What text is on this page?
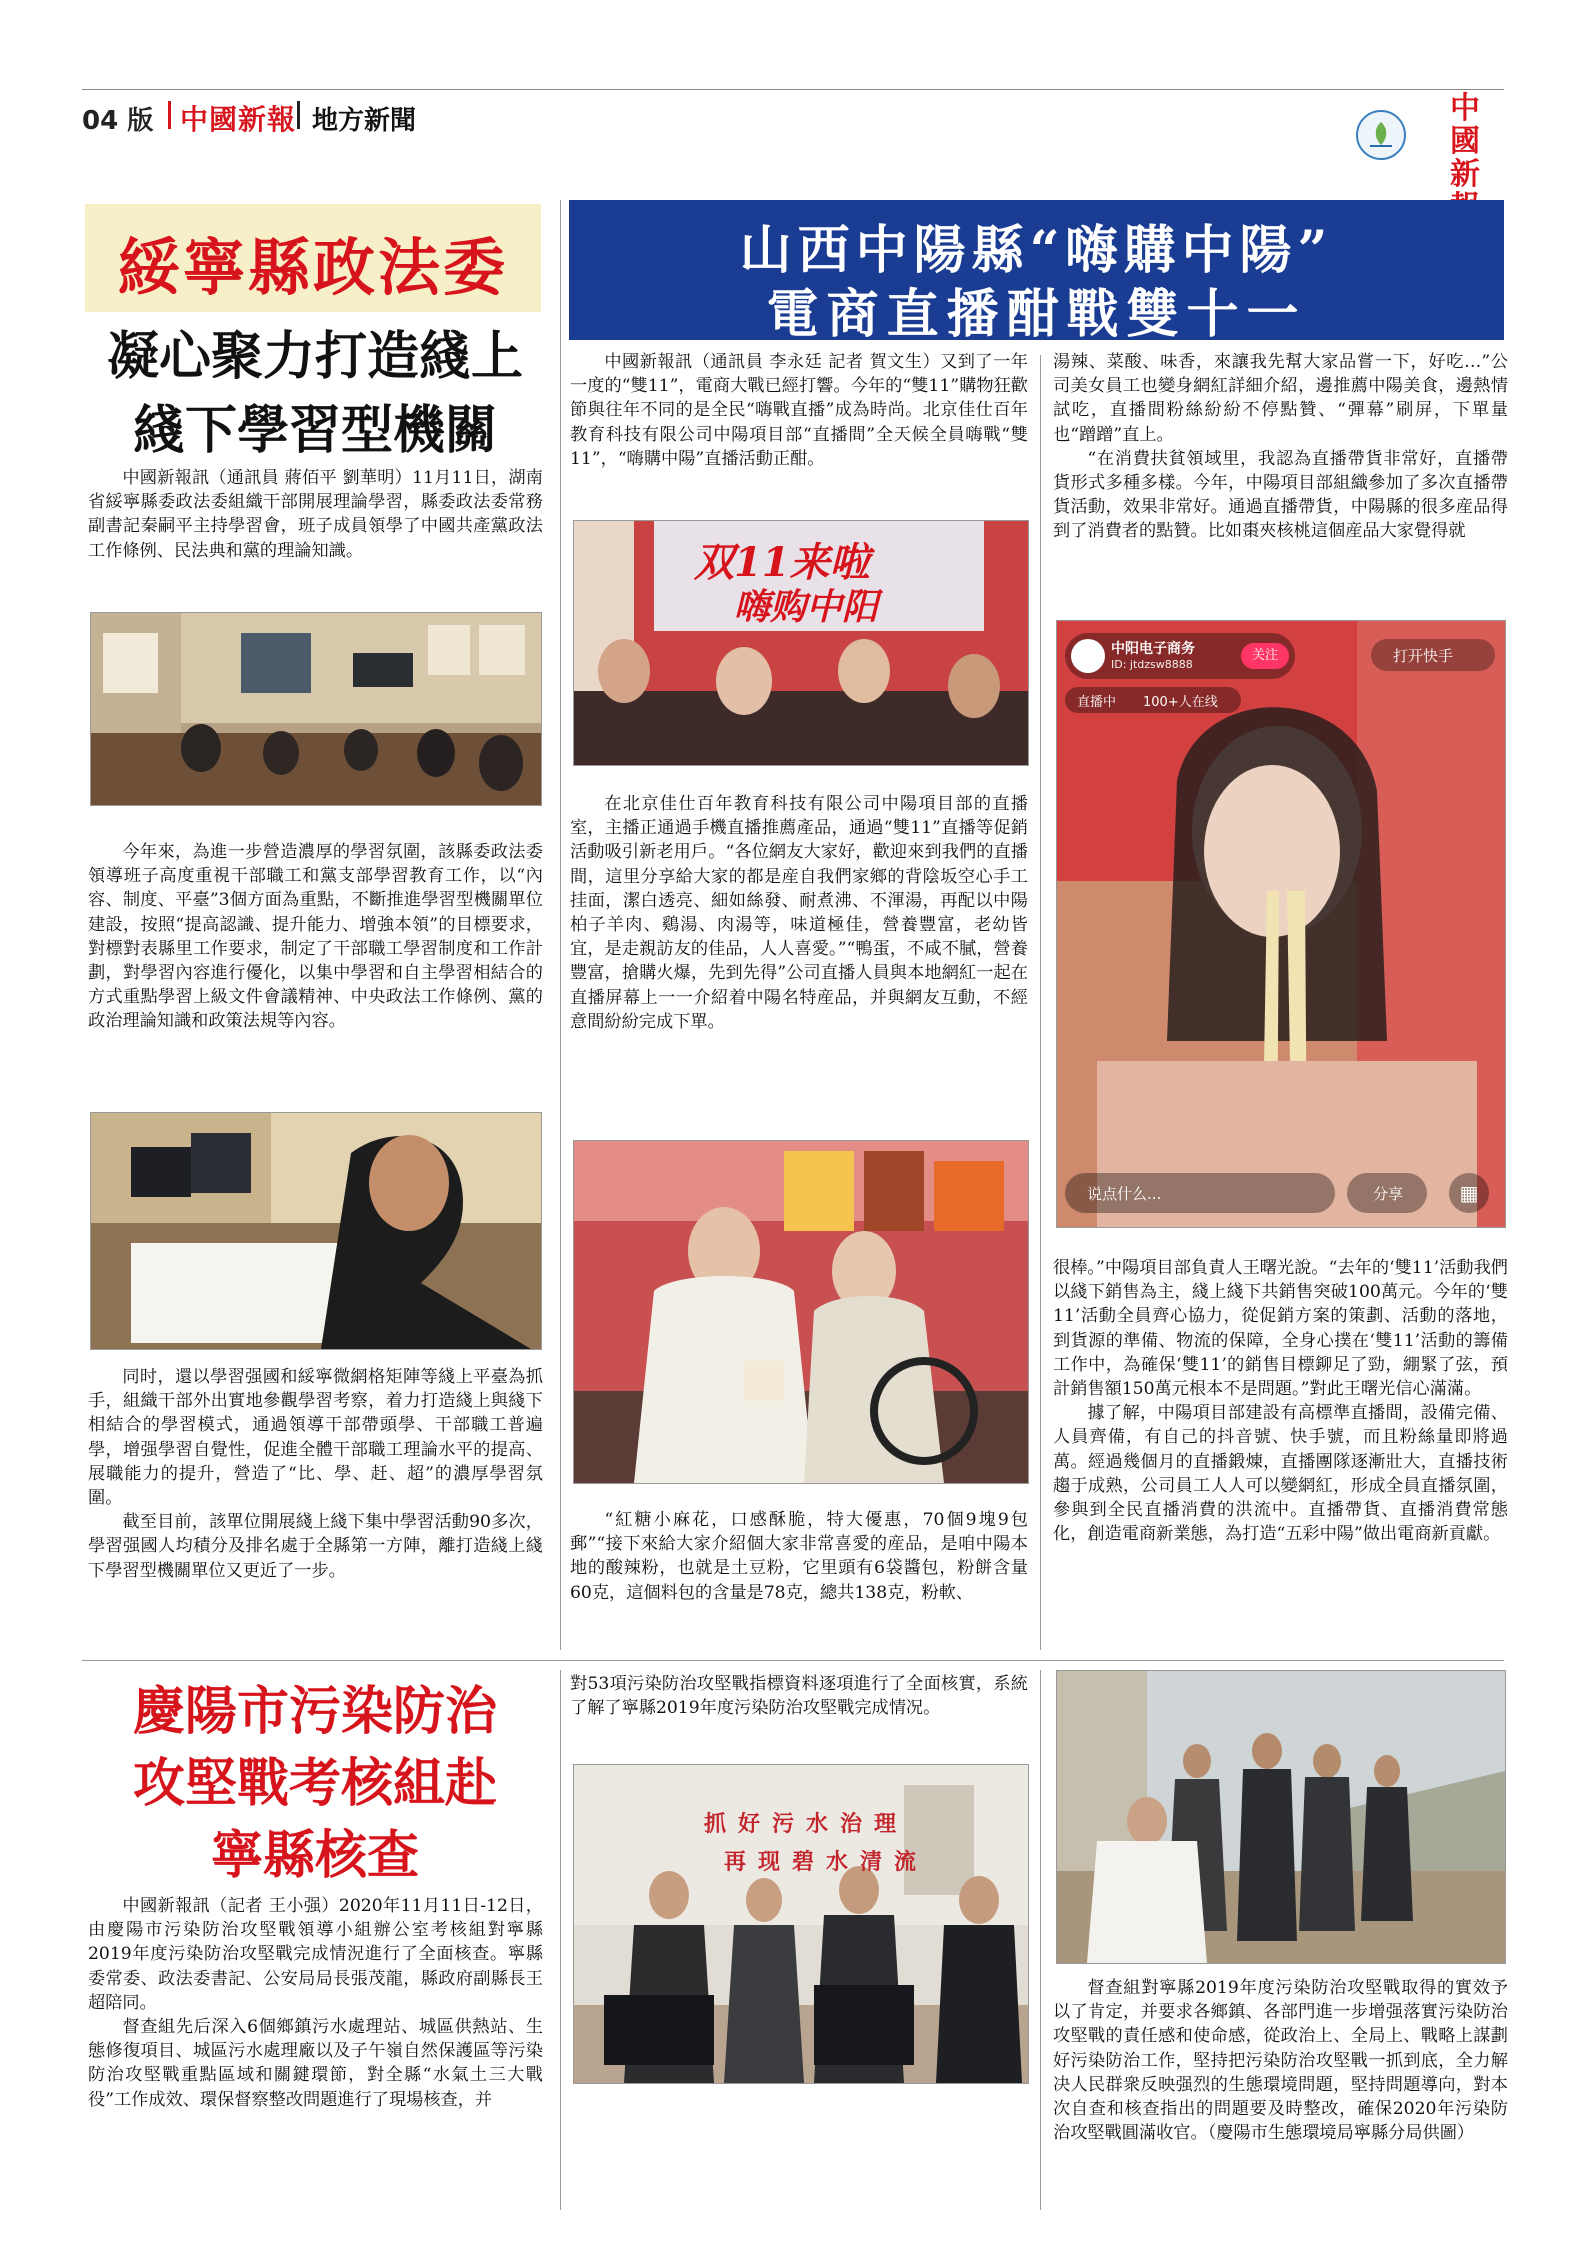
04 版 中國新報 地方新聞	中
國
新
綏寧縣政法委
凝心聚力打造綫上
綫下學習型機關

中國新報訊（通訊員 蔣佰平 劉華明）11月11日，湖南省綏寧縣委政法委組織干部開展理論學習，縣委政法委常務副書記秦嗣平主持學習會，班子成員領學了中國共產黨政法工作條例、民法典和黨的理論知識。

今年來，為進一步營造濃厚的學習氛圍，該縣委政法委領導班子高度重視干部職工和黨支部學習教育工作，以“內容、制度、平臺”3個方面為重點，不斷推進學習型機關單位建設，按照“提高認識、提升能力、增強本領”的目標要求，對標對表縣里工作要求，制定了干部職工學習制度和工作計劃，對學習內容進行優化，以集中學習和自主學習相結合的方式重點學習上級文件會議精神、中央政法工作條例、黨的政治理論知識和政策法規等內容。

同时，還以學習强國和綏寧微網格矩陣等綫上平臺為抓手，組織干部外出實地參觀學習考察，着力打造綫上與綫下相結合的學習模式，通過領導干部帶頭學、干部職工普遍學，增强學習自覺性，促進全體干部職工理論水平的提高、展職能力的提升，營造了“比、學、赶、超”的濃厚學習氛圍。

截至目前，該單位開展綫上綫下集中學習活動90多次，學習强國人均積分及排名處于全縣第一方陣，離打造綫上綫下學習型機關單位又更近了一步。

山西中陽縣“嗨購中陽”
電商直播酣戰雙十一

中國新報訊（通訊員 李永廷 記者 賀文生）又到了一年一度的“雙11”，電商大戰已經打響。今年的“雙11”購物狂歡節與往年不同的是全民“嗨戰直播”成為時尚。北京佳仕百年教育科技有限公司中陽項目部“直播間”全天候全員嗨戰“雙11”，“嗨購中陽”直播活動正酣。

双11来啦
嗨购中阳

在北京佳仕百年教育科技有限公司中陽項目部的直播室，主播正通過手機直播推薦產品，通過“雙11”直播等促銷活動吸引新老用戶。“各位網友大家好，歡迎來到我們的直播間，這里分享給大家的都是産自我們家鄉的背陰坂空心手工挂面，潔白透亮、細如絲發、耐煮沸、不渾湯，再配以中陽柏子羊肉、鷄湯、肉湯等，味道極佳，營養豐富，老幼皆宜，是走親訪友的佳品，人人喜愛。”“鴨蛋，不咸不膩，營養豐富，搶購火爆，先到先得”公司直播人員與本地網紅一起在直播屏幕上一一介紹着中陽名特産品，并與網友互動，不經意間紛紛完成下單。

“紅糖小麻花，口感酥脆，特大優惠，70個9塊9包郵”“接下來給大家介紹個大家非常喜愛的産品，是咱中陽本地的酸辣粉，也就是土豆粉，它里頭有6袋醬包，粉餅含量60克，這個料包的含量是78克，總共138克，粉軟、

湯辣、菜酸、味香，來讓我先幫大家品嘗一下，好吃…”公司美女員工也變身網紅詳細介紹，邊推薦中陽美食，邊熱情試吃，直播間粉絲紛紛不停點贊、“彈幕”刷屏，下單量也“蹭蹭”直上。

“在消費扶貧領域里，我認為直播帶貨非常好，直播帶貨形式多種多樣。今年，中陽項目部組織參加了多次直播帶貨活動，效果非常好。通過直播帶貨，中陽縣的很多産品得到了消費者的點贊。比如棗夾核桃這個産品大家覺得就

中阳电子商务
ID: jtdzsw8888
关注	打开快手
直播中 100+人在线
说点什么...	分享	▦

很棒。”中陽項目部負責人王曙光說。“去年的‘雙11’活動我們以綫下銷售為主，綫上綫下共銷售突破100萬元。今年的‘雙11’活動全員齊心協力，從促銷方案的策劃、活動的落地，到貨源的準備、物流的保障，全身心撲在‘雙11’活動的籌備工作中，為確保‘雙11’的銷售目標鉚足了勁，綳緊了弦，預計銷售額150萬元根本不是問題。”對此王曙光信心滿滿。

據了解，中陽項目部建設有高標準直播間，設備完備、人員齊備，有自己的抖音號、快手號，而且粉絲量即將過萬。經過幾個月的直播鍛煉，直播團隊逐漸壯大，直播技術趨于成熟，公司員工人人可以變網紅，形成全員直播氛圍，參與到全民直播消費的洪流中。直播帶貨、直播消費常態化，創造電商新業態，為打造“五彩中陽”做出電商新貢獻。

慶陽市污染防治
攻堅戰考核組赴
寧縣核查

中國新報訊（記者 王小强）2020年11月11日-12日，由慶陽市污染防治攻堅戰領導小組辦公室考核組對寧縣2019年度污染防治攻堅戰完成情況進行了全面核查。寧縣委常委、政法委書記、公安局局長張茂龍，縣政府副縣長王超陪同。

督查組先后深入6個鄉鎮污水處理站、城區供熱站、生態修復項目、城區污水處理廠以及子午嶺自然保護區等污染防治攻堅戰重點區域和關鍵環節，對全縣“水氣土三大戰役”工作成效、環保督察整改問題進行了現場核查，并

對53項污染防治攻堅戰指標資料逐項進行了全面核實，系統了解了寧縣2019年度污染防治攻堅戰完成情况。

抓好污水治理
再现碧水清流

督查組對寧縣2019年度污染防治攻堅戰取得的實效予以了肯定，并要求各鄉鎮、各部門進一步增强落實污染防治攻堅戰的責任感和使命感，從政治上、全局上、戰略上謀劃好污染防治工作，堅持把污染防治攻堅戰一抓到底，全力解决人民群衆反映强烈的生態環境問題，堅持問題導向，對本次自查和核查指出的問題要及時整改，確保2020年污染防治攻堅戰圓滿收官。（慶陽市生態環境局寧縣分局供圖）
